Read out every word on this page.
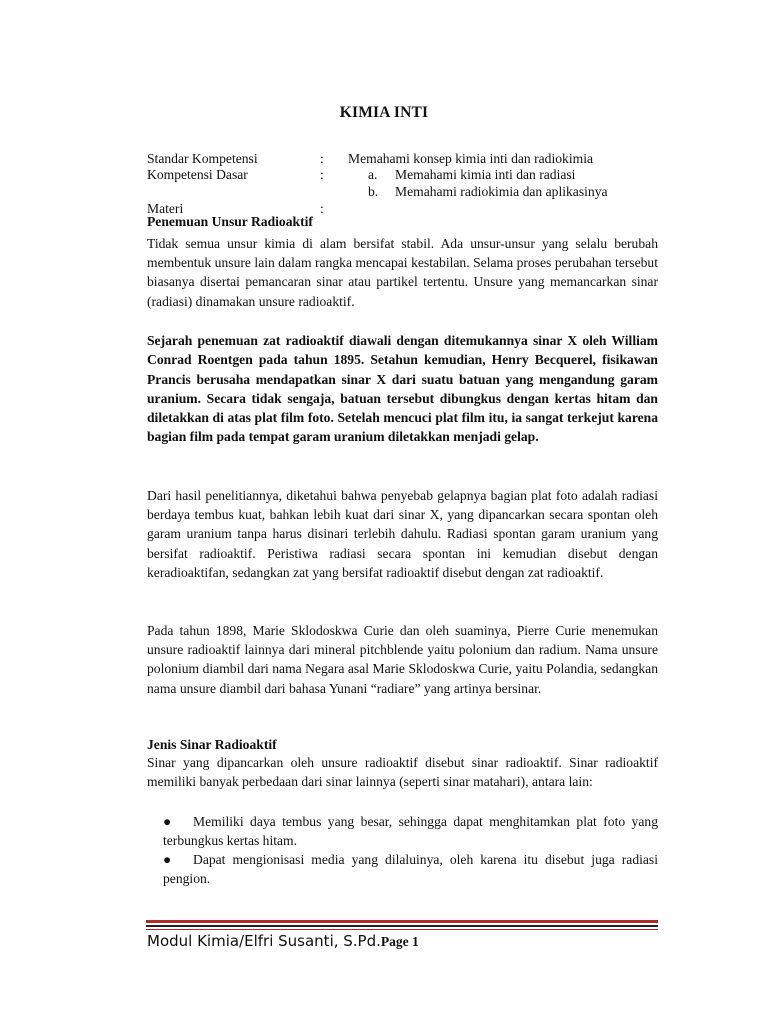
KIMIA INTI
Standar Kompetensi	: Memahami konsep kimia inti dan radiokimia
Kompetensi Dasar	:	a. Memahami kimia inti dan radiasi
b. Memahami radiokimia dan aplikasinya
Materi	:
Penemuan Unsur Radioaktif

Tidak semua unsur kimia di alam bersifat stabil. Ada unsur-unsur yang selalu berubah membentuk unsure lain dalam rangka mencapai kestabilan. Selama proses perubahan tersebut biasanya disertai pemancaran sinar atau partikel tertentu. Unsure yang memancarkan sinar (radiasi) dinamakan unsure radioaktif.

Sejarah penemuan zat radioaktif diawali dengan ditemukannya sinar X oleh William Conrad Roentgen pada tahun 1895. Setahun kemudian, Henry Becquerel, fisikawan Prancis berusaha mendapatkan sinar X dari suatu batuan yang mengandung garam uranium. Secara tidak sengaja, batuan tersebut dibungkus dengan kertas hitam dan diletakkan di atas plat film foto. Setelah mencuci plat film itu, ia sangat terkejut karena bagian film pada tempat garam uranium diletakkan menjadi gelap.

Dari hasil penelitiannya, diketahui bahwa penyebab gelapnya bagian plat foto adalah radiasi berdaya tembus kuat, bahkan lebih kuat dari sinar X, yang dipancarkan secara spontan oleh garam uranium tanpa harus disinari terlebih dahulu. Radiasi spontan garam uranium yang bersifat radioaktif. Peristiwa radiasi secara spontan ini kemudian disebut dengan keradioaktifan, sedangkan zat yang bersifat radioaktif disebut dengan zat radioaktif.

Pada tahun 1898, Marie Sklodoskwa Curie dan oleh suaminya, Pierre Curie menemukan unsure radioaktif lainnya dari mineral pitchblende yaitu polonium dan radium. Nama unsure polonium diambil dari nama Negara asal Marie Sklodoskwa Curie, yaitu Polandia, sedangkan nama unsure diambil dari bahasa Yunani “radiare” yang artinya bersinar.

Jenis Sinar Radioaktif

Sinar yang dipancarkan oleh unsure radioaktif disebut sinar radioaktif. Sinar radioaktif memiliki banyak perbedaan dari sinar lainnya (seperti sinar matahari), antara lain:

●	Memiliki daya tembus yang besar, sehingga dapat menghitamkan plat foto yang terbungkus kertas hitam.
●	Dapat mengionisasi media yang dilaluinya, oleh karena itu disebut juga radiasi pengion.
Modul Kimia/Elfri Susanti, S.Pd.Page 1
